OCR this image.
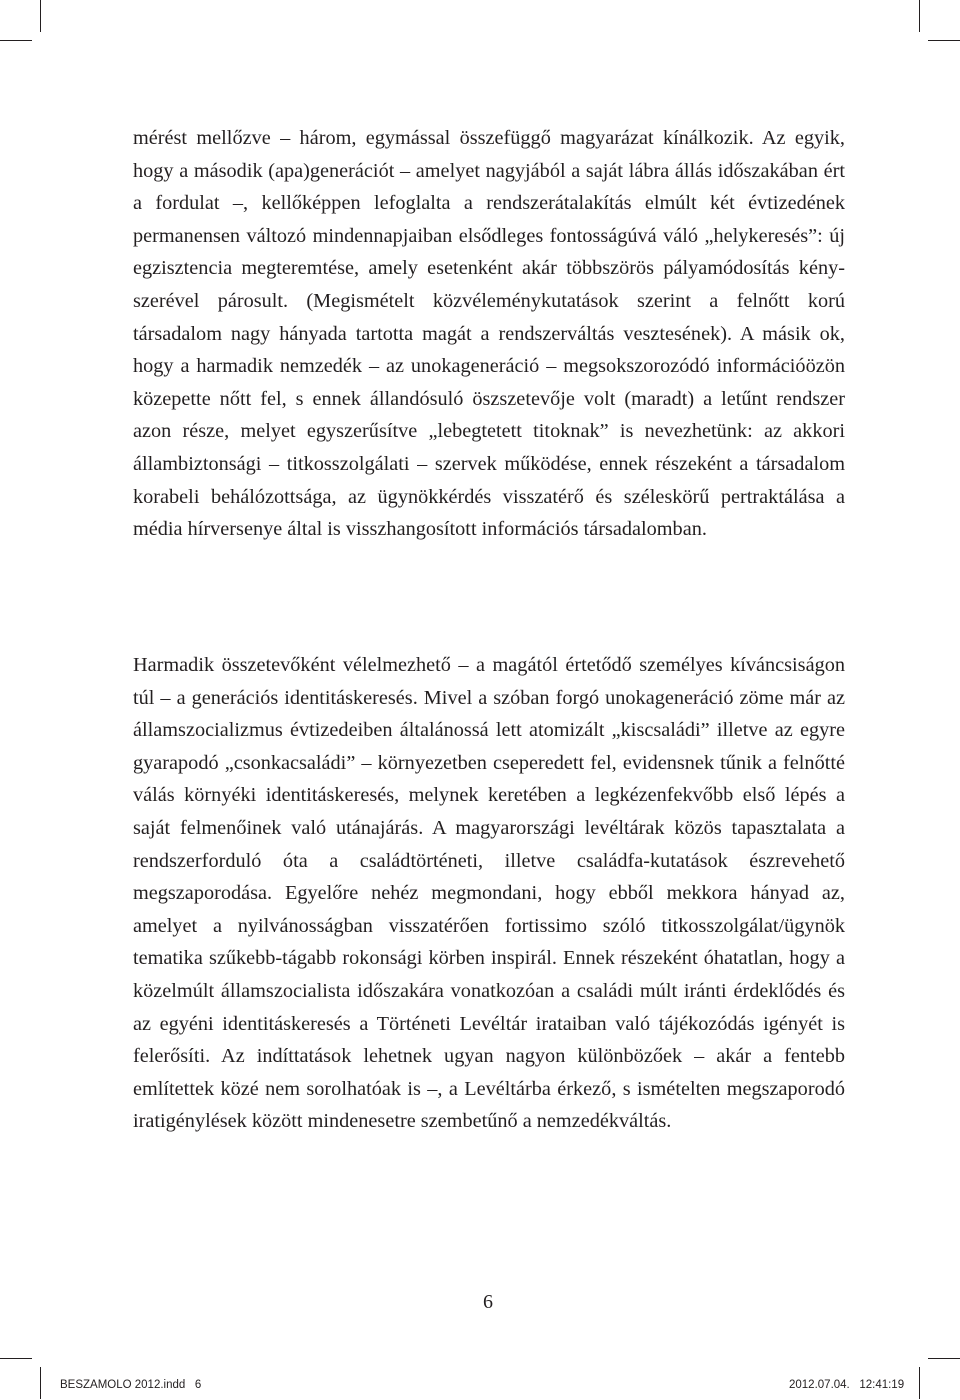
mérést mellőzve – három, egymással összefüggő magyarázat kínálkozik. Az egyik, hogy a második (apa)generációt – amelyet nagyjából a saját lábra állás időszakában ért a fordulat –, kellőképpen lefoglalta a rendszerátalakítás elmúlt két évtizedének permanensen változó mindennapjaiban elsődleges fontosságúvá váló „helykeresés”: új egzisztencia megteremtése, amely esetenként akár többszörös pályamódosítás kényszerével párosult. (Megismételt közvéleménykutatások szerint a felnőtt korú társadalom nagy hányada tartotta magát a rendszerváltás vesztesének). A másik ok, hogy a harmadik nemzedék – az unokageneráció – megsokszorozódó információözön közepette nőtt fel, s ennek állandósuló öszszetevője volt (maradt) a letűnt rendszer azon része, melyet egyszerűsítve „lebegtetett titoknak” is nevezhetünk: az akkori állambiztonsági – titkosszolgálati – szervek működése, ennek részeként a társadalom korabeli behálózottsága, az ügynökkérdés visszatérő és széleskörű pertraktálása a média hírversenye által is visszhangosított információs társadalomban.

Harmadik összetevőként vélelmezhető – a magától értetődő személyes kíváncsiságon túl – a generációs identitáskeresés. Mivel a szóban forgó unokageneráció zöme már az államszocializmus évtizedeiben általánossá lett atomizált „kiscsaládi” illetve az egyre gyarapodó „csonkacsaládi” – környezetben cseperedett fel, evidensnek tűnik a felnőtté válás környéki identitáskeresés, melynek keretében a legkézenfekvőbb első lépés a saját felmenőinek való utánajárás. A magyarországi levéltárak közös tapasztalata a rendszerforduló óta a családtörténeti, illetve családfa-kutatások észrevehető megszaporodása. Egyelőre nehéz megmondani, hogy ebből mekkora hányad az, amelyet a nyilvánosságban visszatérően fortissimo szóló titkosszolgálat/ügynök tematika szűkebb-tágabb rokonsági körben inspirál. Ennek részeként óhatatlan, hogy a közelmúlt államszocialista időszakára vonatkozóan a családi múlt iránti érdeklődés és az egyéni identitáskeresés a Történeti Levéltár irataiban való tájékozódás igényét is felerősíti. Az indíttatások lehetnek ugyan nagyon különbözőek – akár a fentebb említettek közé nem sorolhatóak is –, a Levéltárba érkező, s ismételten megszaporodó iratigénylések között mindenesetre szembetűnő a nemzedékváltás.

6
BESZAMOLO 2012.indd   6	2012.07.04.   12:41:19
